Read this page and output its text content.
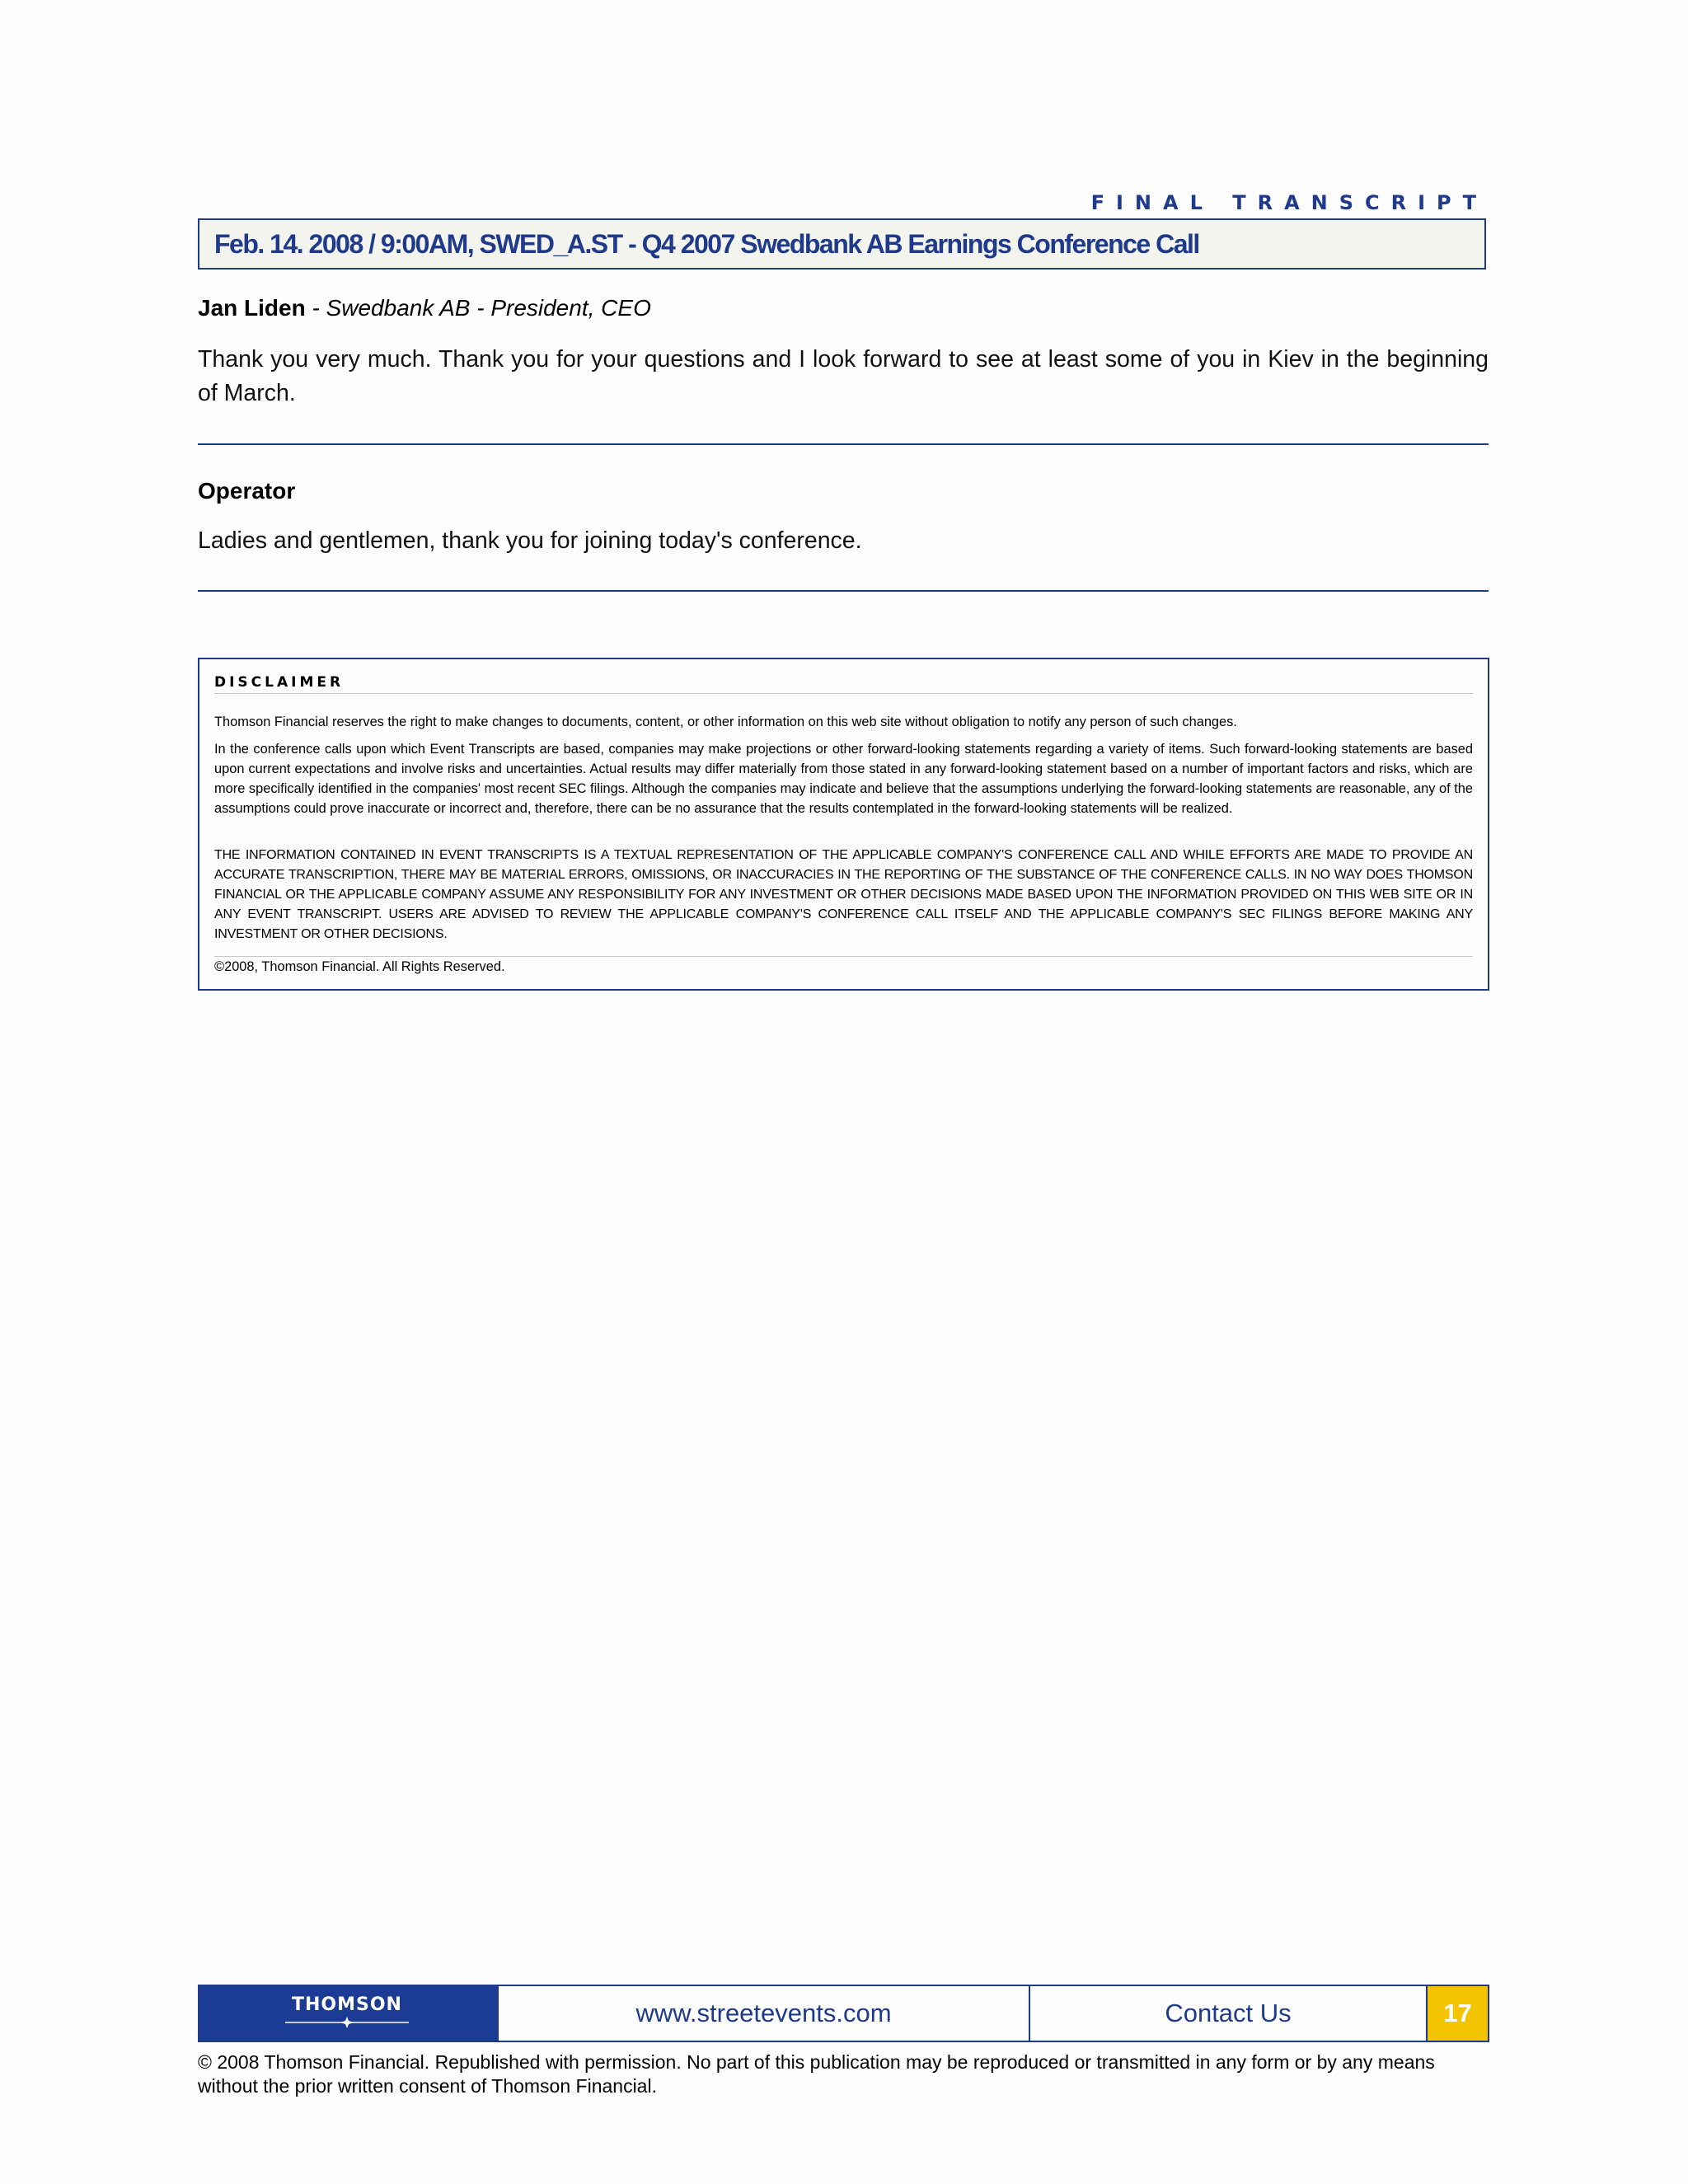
FINAL TRANSCRIPT
Feb. 14. 2008 / 9:00AM, SWED_A.ST - Q4 2007 Swedbank AB Earnings Conference Call
Jan Liden - Swedbank AB - President, CEO
Thank you very much. Thank you for your questions and I look forward to see at least some of you in Kiev in the beginning of March.
Operator
Ladies and gentlemen, thank you for joining today's conference.
DISCLAIMER
Thomson Financial reserves the right to make changes to documents, content, or other information on this web site without obligation to notify any person of such changes.
In the conference calls upon which Event Transcripts are based, companies may make projections or other forward-looking statements regarding a variety of items. Such forward-looking statements are based upon current expectations and involve risks and uncertainties. Actual results may differ materially from those stated in any forward-looking statement based on a number of important factors and risks, which are more specifically identified in the companies' most recent SEC filings. Although the companies may indicate and believe that the assumptions underlying the forward-looking statements are reasonable, any of the assumptions could prove inaccurate or incorrect and, therefore, there can be no assurance that the results contemplated in the forward-looking statements will be realized.
THE INFORMATION CONTAINED IN EVENT TRANSCRIPTS IS A TEXTUAL REPRESENTATION OF THE APPLICABLE COMPANY'S CONFERENCE CALL AND WHILE EFFORTS ARE MADE TO PROVIDE AN ACCURATE TRANSCRIPTION, THERE MAY BE MATERIAL ERRORS, OMISSIONS, OR INACCURACIES IN THE REPORTING OF THE SUBSTANCE OF THE CONFERENCE CALLS. IN NO WAY DOES THOMSON FINANCIAL OR THE APPLICABLE COMPANY ASSUME ANY RESPONSIBILITY FOR ANY INVESTMENT OR OTHER DECISIONS MADE BASED UPON THE INFORMATION PROVIDED ON THIS WEB SITE OR IN ANY EVENT TRANSCRIPT. USERS ARE ADVISED TO REVIEW THE APPLICABLE COMPANY'S CONFERENCE CALL ITSELF AND THE APPLICABLE COMPANY'S SEC FILINGS BEFORE MAKING ANY INVESTMENT OR OTHER DECISIONS.
©2008, Thomson Financial. All Rights Reserved.
THOMSON	www.streetevents.com	Contact Us	17
© 2008 Thomson Financial. Republished with permission. No part of this publication may be reproduced or transmitted in any form or by any means without the prior written consent of Thomson Financial.
